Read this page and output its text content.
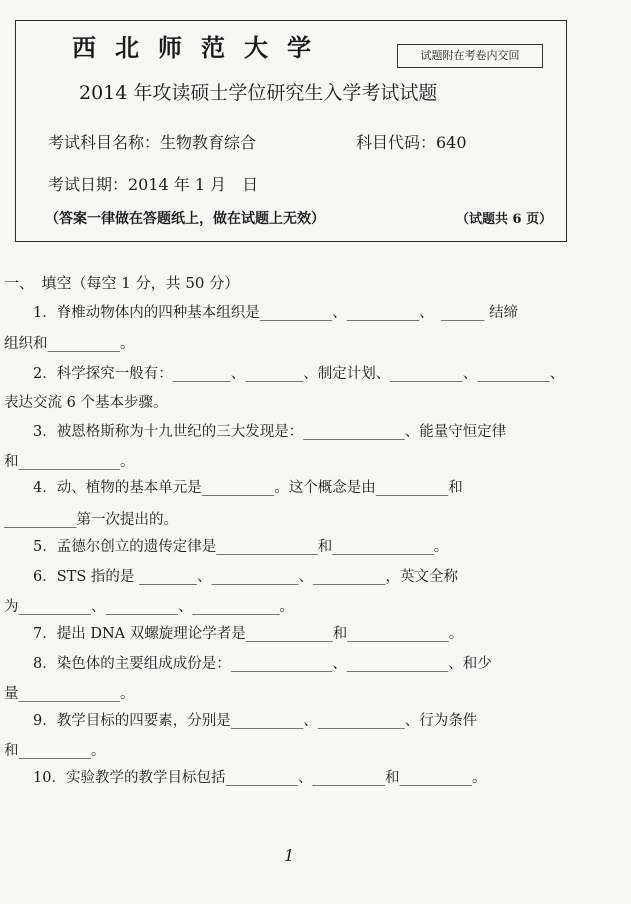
西北师范大学	试题附在考卷内交回
2014 年攻读硕士学位研究生入学考试试题
考试科目名称：生物教育综合	科目代码：640
考试日期：2014 年 1 月　日
（答案一律做在答题纸上，做在试题上无效）	（试题共 6 页）
一、　填空（每空 1 分，共 50 分）
1．脊椎动物体内的四种基本组织是__________、__________、　______ 结缔
组织和__________。
2．科学探究一般有：________、________、制定计划、__________、__________、
表达交流 6 个基本步骤。
3．被恩格斯称为十九世纪的三大发现是：______________、能量守恒定律
和______________。
4．动、植物的基本单元是__________。这个概念是由__________和
__________第一次提出的。
5．孟德尔创立的遗传定律是______________和______________。
6．STS 指的是 ________、____________、__________，英文全称
为__________、__________、____________。
7．提出 DNA 双螺旋理论学者是____________和______________。
8．染色体的主要组成成份是：______________、______________、和少
量______________。
9．教学目标的四要素，分别是__________、____________、行为条件
和__________。
10．实验教学的教学目标包括__________、__________和__________。
1
